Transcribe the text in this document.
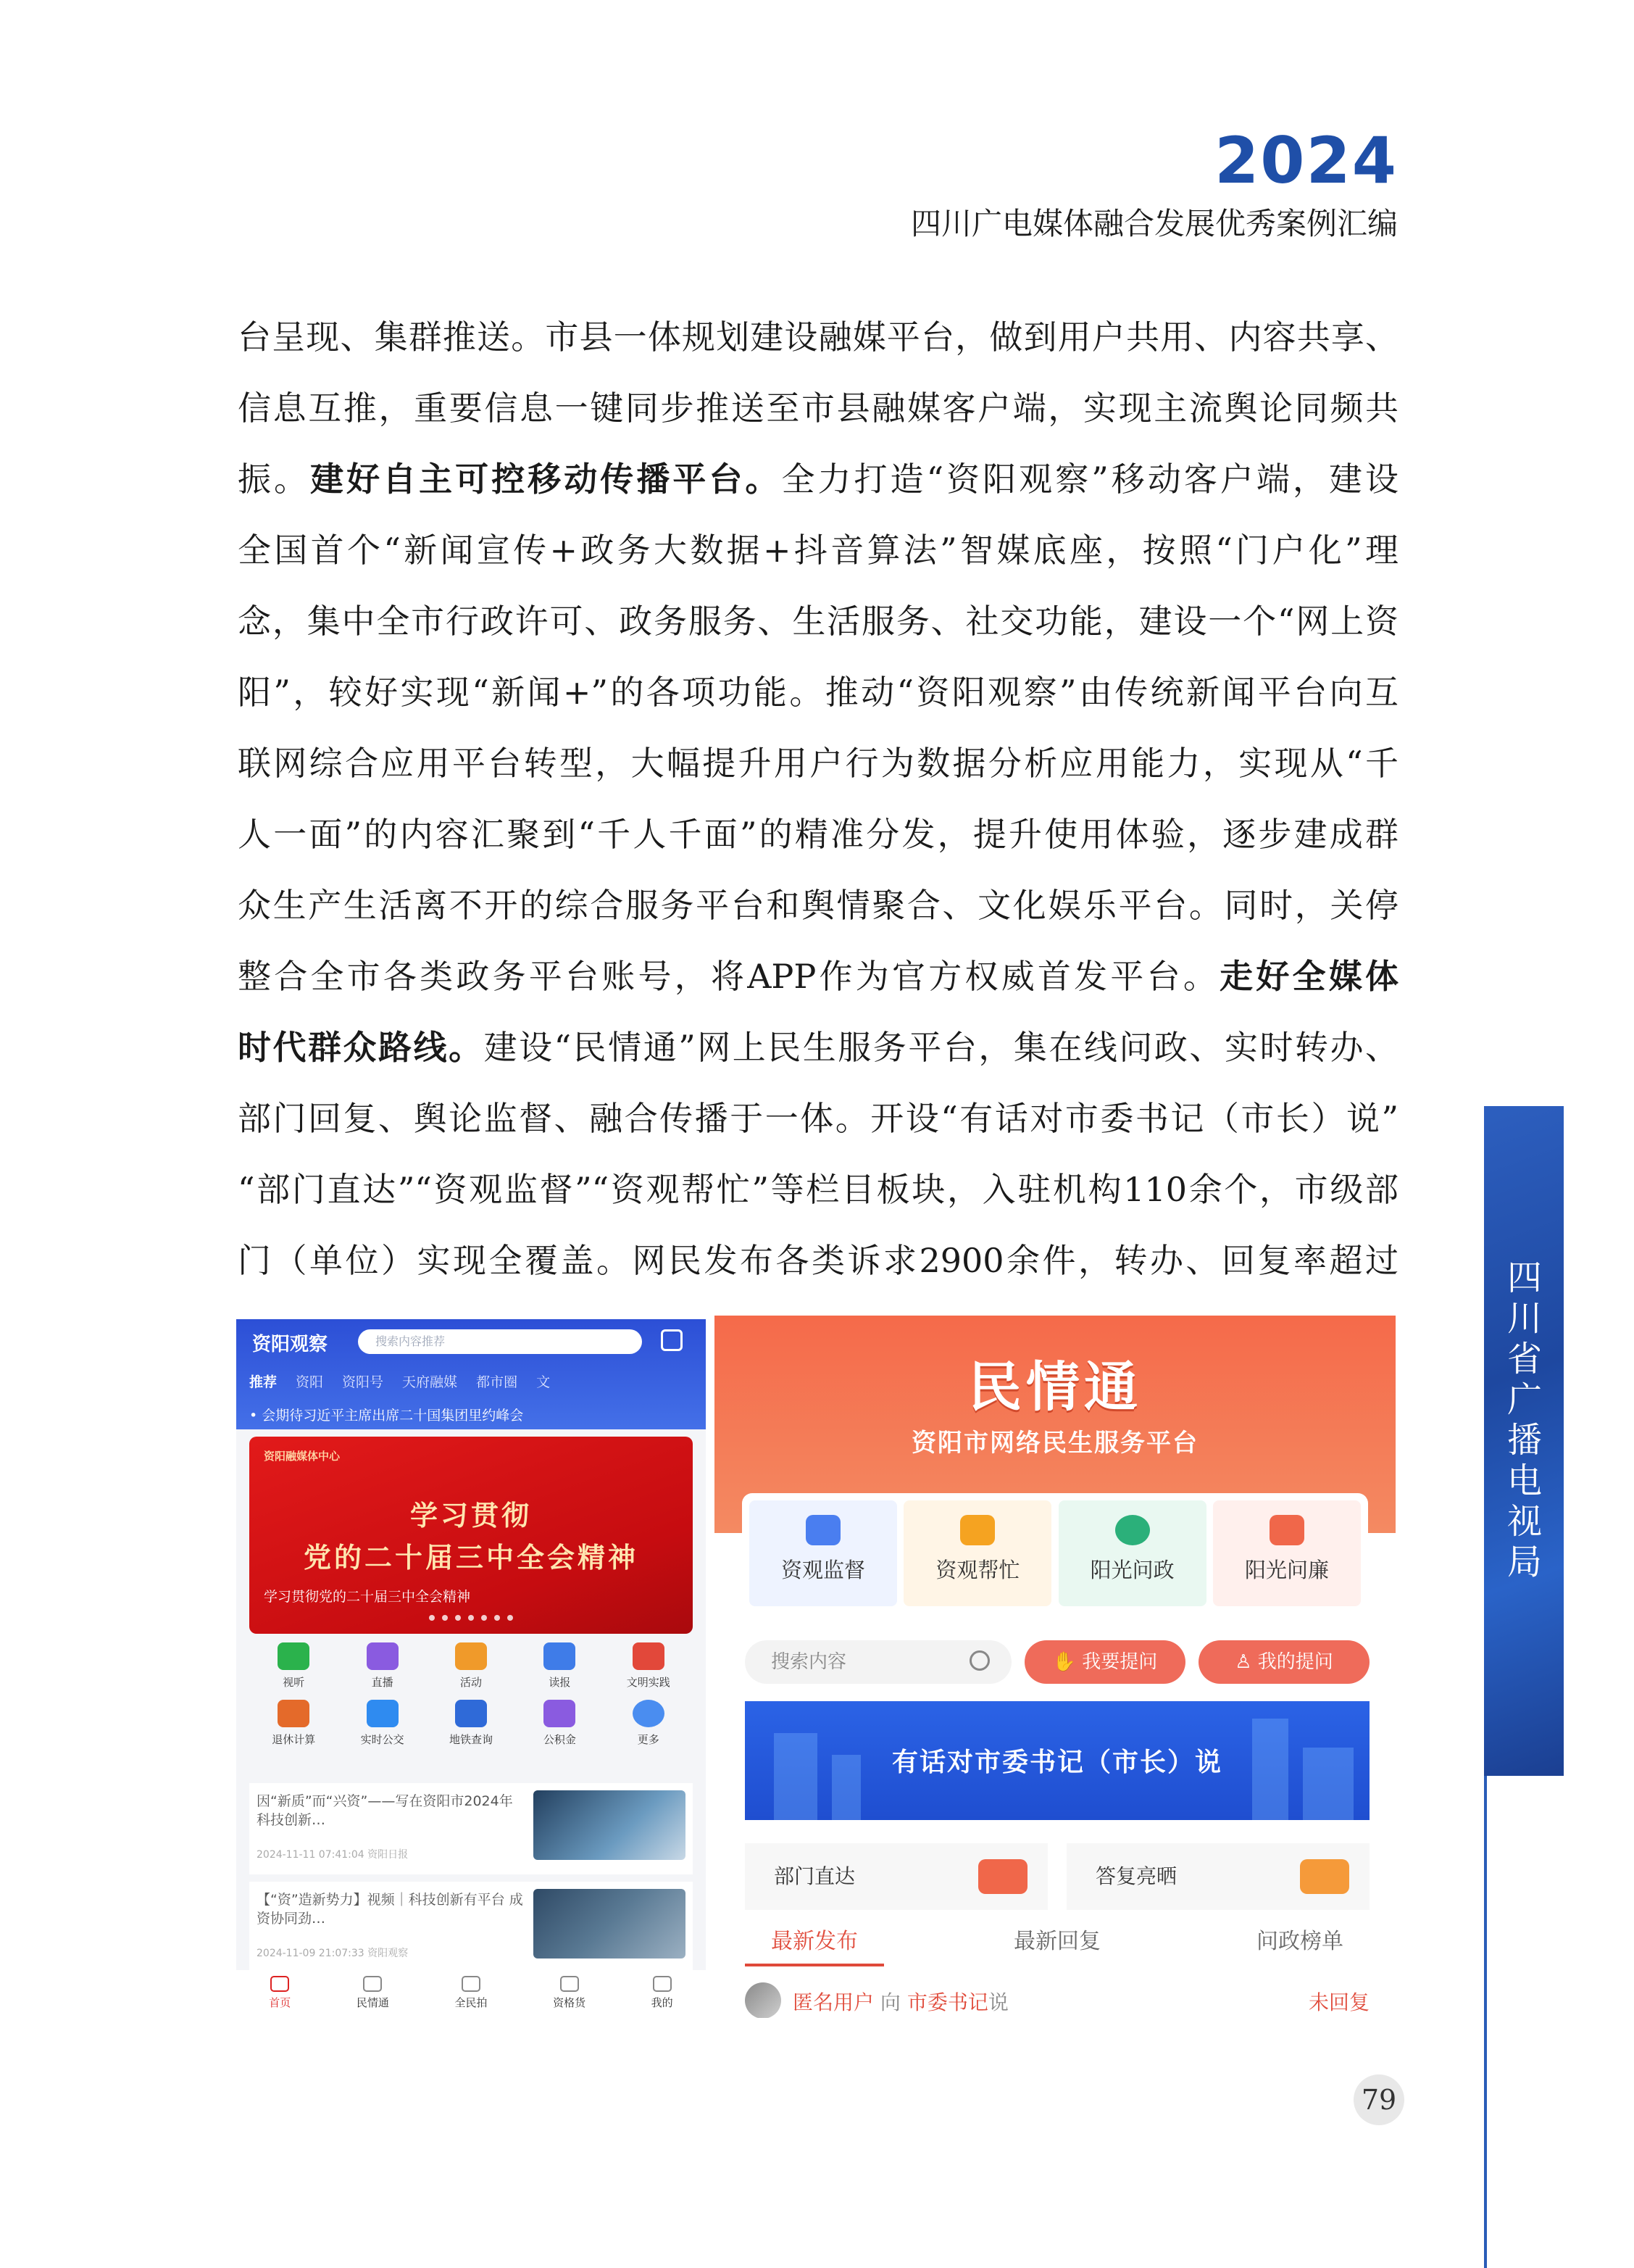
2024
四川广电媒体融合发展优秀案例汇编
台呈现、集群推送。市县一体规划建设融媒平台，做到用户共用、内容共享、
信息互推，重要信息一键同步推送至市县融媒客户端，实现主流舆论同频共
振。建好自主可控移动传播平台。全力打造“资阳观察”移动客户端，建设
全国首个“新闻宣传+政务大数据+抖音算法”智媒底座，按照“门户化”理
念，集中全市行政许可、政务服务、生活服务、社交功能，建设一个“网上资
阳”，较好实现“新闻+”的各项功能。推动“资阳观察”由传统新闻平台向互
联网综合应用平台转型，大幅提升用户行为数据分析应用能力，实现从“千
人一面”的内容汇聚到“千人千面”的精准分发，提升使用体验，逐步建成群
众生产生活离不开的综合服务平台和舆情聚合、文化娱乐平台。同时，关停
整合全市各类政务平台账号，将APP作为官方权威首发平台。走好全媒体
时代群众路线。建设“民情通”网上民生服务平台，集在线问政、实时转办、
部门回复、舆论监督、融合传播于一体。开设“有话对市委书记（市长）说”
“部门直达”“资观监督”“资观帮忙”等栏目板块，入驻机构110余个，市级部
门（单位）实现全覆盖。网民发布各类诉求2900余件，转办、回复率超过
资阳观察	搜索内容推荐
推荐 资阳 资阳号 天府融媒 都市圈 文
• 会期待习近平主席出席二十国集团里约峰会
资阳融媒体中心
学习贯彻
党的二十届三中全会精神
学习贯彻党的二十届三中全会精神
视听	直播	活动	读报	文明实践
退休计算	实时公交	地铁查询	公积金	更多
因“新质”而“兴资”——写在资阳市2024年科技创新…
2024-11-11 07:41:04 资阳日报
【“资”造新势力】视频｜科技创新有平台 成资协同劲…
2024-11-09 21:07:33 资阳观察
首页	民情通	全民拍	资格货	我的
民情通
资阳市网络民生服务平台
资观监督	资观帮忙	阳光问政	阳光问廉
搜索内容	✋ 我要提问	♙ 我的提问
有话对市委书记（市长）说
部门直达	答复亮晒
最新发布	最新回复	问政榜单
匿名用户 向 市委书记说	未回复
四川省广播电视局
79
